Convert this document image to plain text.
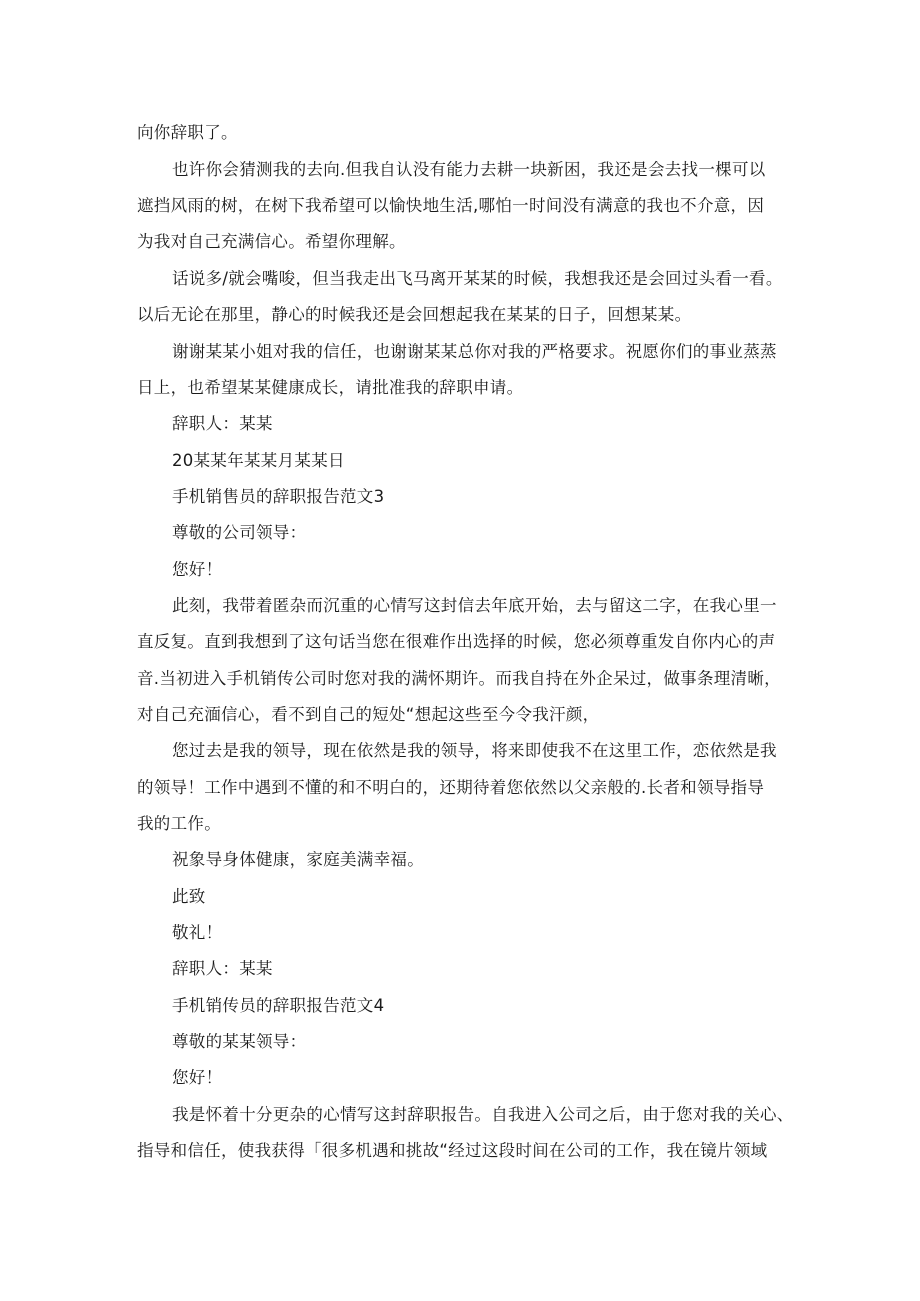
向你辞职了。
也许你会猜测我的去向.但我自认没有能力去耕一块新困，我还是会去找一棵可以
遮挡风雨的树，在树下我希望可以愉快地生活,哪怕一时间没有满意的我也不介意，因
为我对自己充满信心。希望你理解。
话说多/就会嘴唆，但当我走出飞马离开某某的时候，我想我还是会回过头看一看。
以后无论在那里，静心的时候我还是会回想起我在某某的日子，回想某某。
谢谢某某小姐对我的信任，也谢谢某某总你对我的严格要求。祝愿你们的事业蒸蒸
日上，也希望某某健康成长，请批准我的辞职申请。
辞职人：某某
20某某年某某月某某日
手机销售员的辞职报告范文3
尊敬的公司领导：
您好！
此刻，我带着匿杂而沉重的心情写这封信去年底开始，去与留这二字，在我心里一
直反复。直到我想到了这句话当您在很难作出选择的时候，您必须尊重发自你内心的声
音.当初进入手机销传公司时您对我的满怀期许。而我自持在外企呆过，做事条理清晰，
对自己充湎信心，看不到自己的短处“想起这些至今令我汗颜，
您过去是我的领导，现在依然是我的领导，将来即使我不在这里工作，恋依然是我
的领导！工作中遇到不懂的和不明白的，还期待着您依然以父亲般的.长者和领导指导
我的工作。
祝象导身体健康，家庭美满幸福。
此致
敬礼！
辞职人：某某
手机销传员的辞职报告范文4
尊敬的某某领导：
您好！
我是怀着十分更杂的心情写这封辞职报告。自我进入公司之后，由于您对我的关心、
指导和信任，使我获得「很多机遇和挑故“经过这段时间在公司的工作，我在镜片领域
